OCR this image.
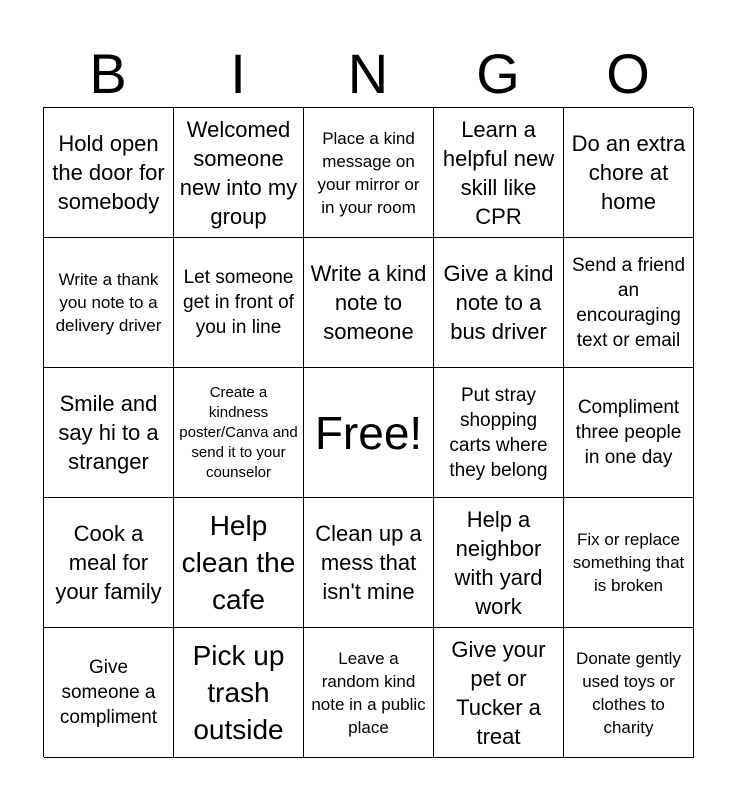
B	I	N	G	O
Hold open the door for somebody
Welcomed someone new into my group
Place a kind message on your mirror or in your room
Learn a helpful new skill like CPR
Do an extra chore at home
Write a thank you note to a delivery driver
Let someone get in front of you in line
Write a kind note to someone
Give a kind note to a bus driver
Send a friend an encouraging text or email
Smile and say hi to a stranger
Create a kindness poster/Canva and send it to your counselor
Free!
Put stray shopping carts where they belong
Compliment three people in one day
Cook a meal for your family
Help clean the cafe
Clean up a mess that isn't mine
Help a neighbor with yard work
Fix or replace something that is broken
Give someone a compliment
Pick up trash outside
Leave a random kind note in a public place
Give your pet or Tucker a treat
Donate gently used toys or clothes to charity
